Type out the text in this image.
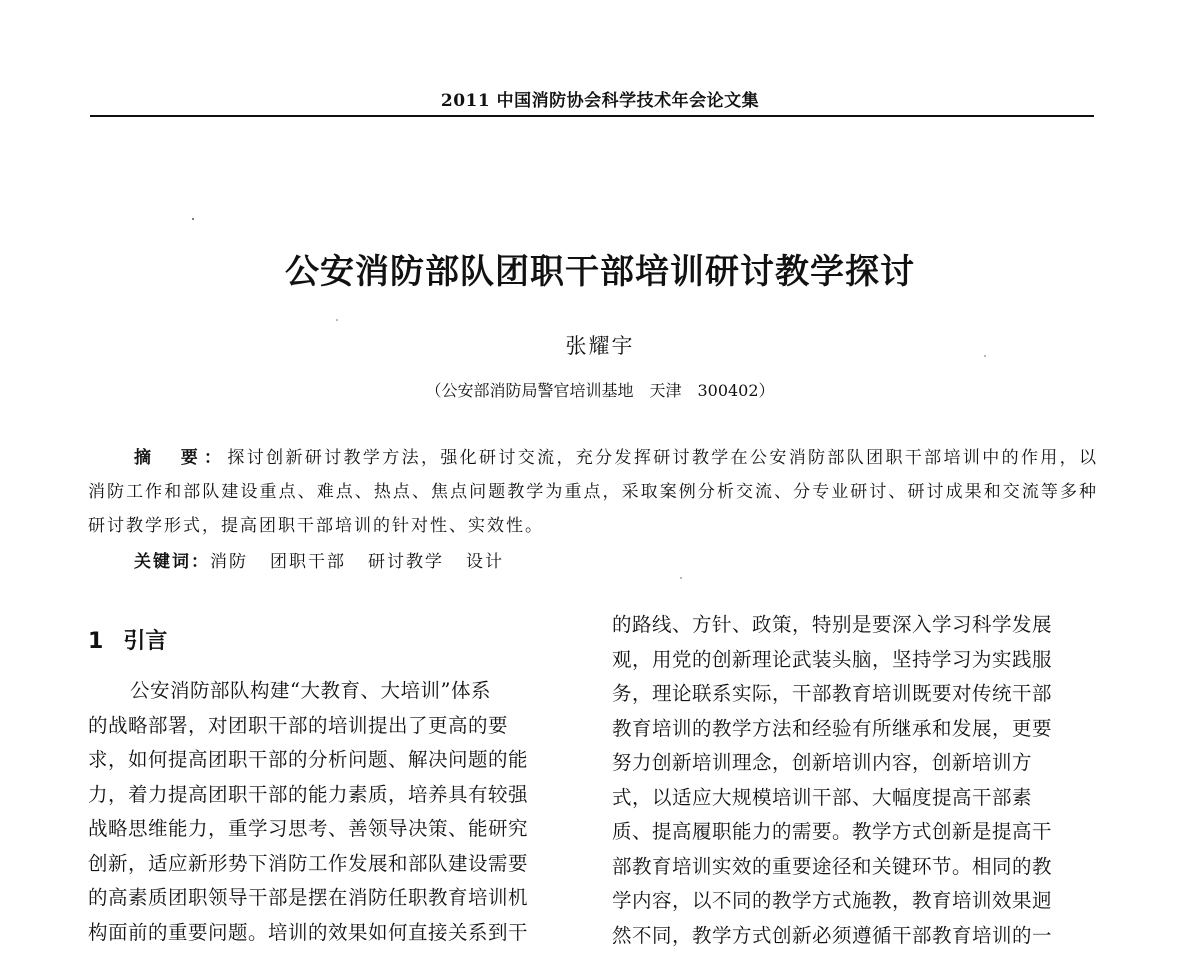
2011 中国消防协会科学技术年会论文集
公安消防部队团职干部培训研讨教学探讨
张耀宇
（公安部消防局警官培训基地　天津　300402）

摘　要：探讨创新研讨教学方法，强化研讨交流，充分发挥研讨教学在公安消防部队团职干部培训中的作用，以消防工作和部队建设重点、难点、热点、焦点问题教学为重点，采取案例分析交流、分专业研讨、研讨成果和交流等多种研讨教学形式，提高团职干部培训的针对性、实效性。

关键词：消防 团职干部 研讨教学 设计

1 引言
公安消防部队构建“大教育、大培训”体系
的战略部署，对团职干部的培训提出了更高的要
求，如何提高团职干部的分析问题、解决问题的能
力，着力提高团职干部的能力素质，培养具有较强
战略思维能力，重学习思考、善领导决策、能研究
创新，适应新形势下消防工作发展和部队建设需要
的高素质团职领导干部是摆在消防任职教育培训机
构面前的重要问题。培训的效果如何直接关系到干
的路线、方针、政策，特别是要深入学习科学发展
观，用党的创新理论武装头脑，坚持学习为实践服
务，理论联系实际，干部教育培训既要对传统干部
教育培训的教学方法和经验有所继承和发展，更要
努力创新培训理念，创新培训内容，创新培训方
式，以适应大规模培训干部、大幅度提高干部素
质、提高履职能力的需要。教学方式创新是提高干
部教育培训实效的重要途径和关键环节。相同的教
学内容，以不同的教学方式施教，教育培训效果迥
然不同，教学方式创新必须遵循干部教育培训的一
